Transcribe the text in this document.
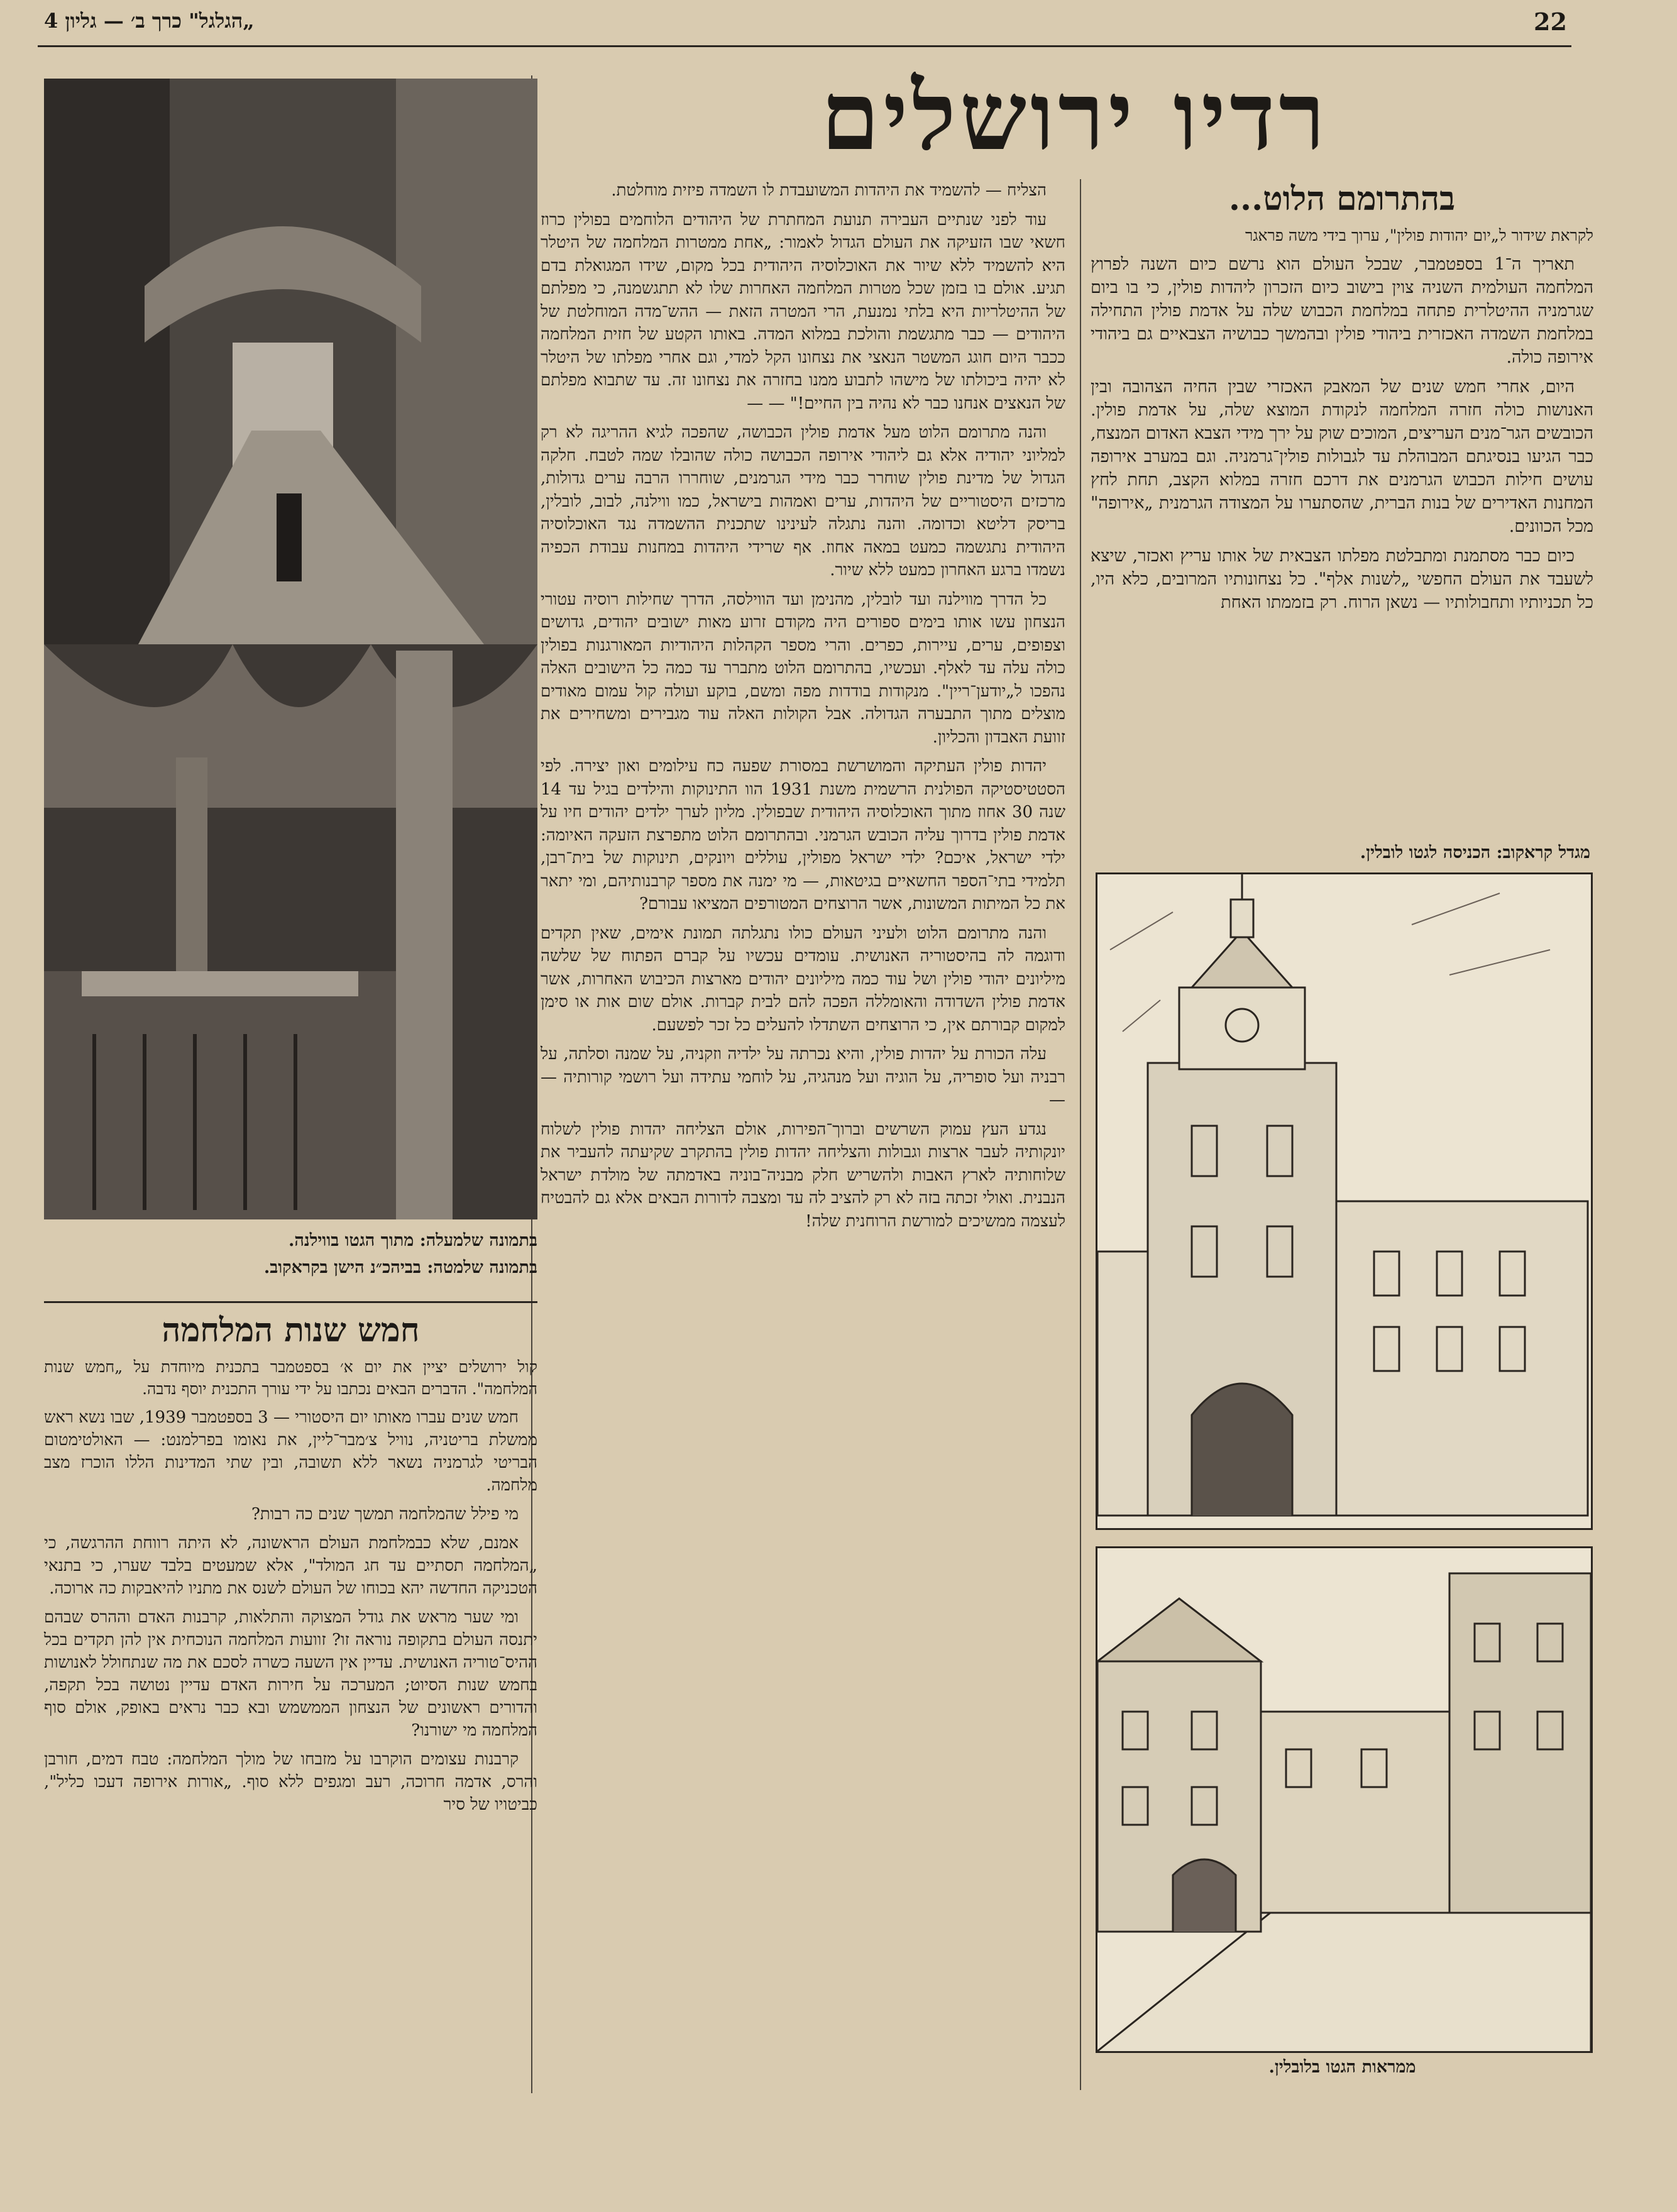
22
„הגלגל" כרך ב׳ — גליון 4
רדיו ירושלים
בהתרומם הלוט...

לקראת שידור ל„יום יהודות פולין", ערוך בידי משה פראגר

תאריך ה־1 בספטמבר, שבכל העולם הוא נרשם כיום השנה לפרוץ המלחמה העולמית השניה צוין בישוב כיום הזכרון ליהדות פולין, כי בו ביום שגרמניה ההיטלרית פתחה במלחמת הכבוש שלה על אדמת פולין התחילה במלחמת השמדה האכזרית ביהודי פולין ובהמשך כבושיה הצבאיים גם ביהודי אירופה כולה.

היום, אחרי חמש שנים של המאבק האכזרי שבין החיה הצהובה ובין האנושות כולה חזרה המלחמה לנקודת המוצא שלה, על אדמת פולין. הכובשים הגר־מנים העריצים, המוכים שוק על ירך מידי הצבא האדום המנצח, כבר הגיעו בנסיגתם המבוהלת עד לגבולות פולין־גרמניה. וגם במערב אירופה עושים חילות הכבוש הגרמנים את דרכם חזרה במלוא הקצב, תחת לחץ המחנות האדירים של בנות הברית, שהסתערו על המצודה הגרמנית „אירופה" מכל הכוונים.

כיום כבר מסתמנת ומתבלטת מפלתו הצבאית של אותו עריץ ואכזר, שיצא לשעבד את העולם החפשי „לשנות אלף". כל נצחונותיו המרובים, כלא היו, כל תכניותיו ותחבולותיו — נשאן הרוח. רק בזממתו האחת

מגדל קראקוב: הכניסה לגטו לובלין.
ממראות הגטו בלובלין.

הצליח — להשמיד את היהדות המשועבדת לו השמדה פיזית מוחלטת.

עוד לפני שנתיים העבירה תנועת המחתרת של היהודים הלוחמים בפולין כרוז חשאי שבו הזעיקה את העולם הגדול לאמור: „אחת ממטרות המלחמה של היטלר היא להשמיד ללא שיור את האוכלוסיה היהודית בכל מקום, שידו המגואלת בדם תגיע. אולם בו בזמן שכל מטרות המלחמה האחרות שלו לא תתגשמנה, כי מפלתם של ההיטלריות היא בלתי נמנעת, הרי המטרה הזאת — ההש־מדה המוחלטת של היהודים — כבר מתגשמת והולכת במלוא המדה. באותו הקטע של חזית המלחמה ככבר היום חוגג המשטר הנאצי את נצחונו הקל למדי, וגם אחרי מפלתו של היטלר לא יהיה ביכולתו של מישהו לתבוע ממנו בחזרה את נצחונו זה. עד שתבוא מפלתם של הנאצים אנחנו כבר לא נהיה בין החיים!" — —

והנה מתרומם הלוט מעל אדמת פולין הכבושה, שהפכה לגיא ההריגה לא רק למליוני יהודיה אלא גם ליהודי אירופה הכבושה כולה שהובלו שמה לטבח. חלקה הגדול של מדינת פולין שוחרר כבר מידי הגרמנים, שוחררו הרבה ערים גדולות, מרכזים היסטוריים של היהדות, ערים ואמהות בישראל, כמו ווילנה, לבוב, לובלין, בריסק דליטא וכדומה. והנה נתגלה לעינינו שתכנית ההשמדה נגד האוכלוסיה היהודית נתגשמה כמעט במאה אחוז. אף שרידי היהדות במחנות עבודת הכפיה נשמדו ברגע האחרון כמעט ללא שיור.

כל הדרך מווילנה ועד לובלין, מהנימן ועד הווילסה, הדרך שחילות רוסיה עטורי הנצחון עשו אותו בימים ספורים היה מקודם זרוע מאות ישובים יהודים, גדושים וצפופים, ערים, עיירות, כפרים. והרי מספר הקהלות היהודיות המאורגנות בפולין כולה עלה עד לאלף. ועכשיו, בהתרומם הלוט מתברר עד כמה כל הישובים האלה נהפכו ל„יודען־ריין". מנקודות בודדות מפה ומשם, בוקע ועולה קול עמום מאודים מוצלים מתוך התבערה הגדולה. אבל הקולות האלה עוד מגבירים ומשחירים את זוועת האבדון והכליון.

יהדות פולין העתיקה והמושרשת במסורת שפעה כח עילומים ואון יצירה. לפי הסטטיסטיקה הפולנית הרשמית משנת 1931 הוו התינוקות והילדים בגיל עד 14 שנה 30 אחוז מתוך האוכלוסיה היהודית שבפולין. מליון לערך ילדים יהודים חיו על אדמת פולין בדרוך עליה הכובש הגרמני. ובהתרומם הלוט מתפרצת הזעקה האיומה: ילדי ישראל, איכם? ילדי ישראל מפולין, עוללים ויונקים, תינוקות של בית־רבן, תלמידי בתי־הספר החשאיים בגיטאות, — מי ימנה את מספר קרבנותיהם, ומי יתאר את כל המיתות המשונות, אשר הרוצחים המטורפים המציאו עבורם?

והנה מתרומם הלוט ולעיני העולם כולו נתגלתה תמונת אימים, שאין תקדים ודוגמה לה בהיסטוריה האנושית. עומדים עכשיו על קברם הפתוח של שלשה מיליונים יהודי פולין ושל עוד כמה מיליונים יהודים מארצות הכיבוש האחרות, אשר אדמת פולין השדודה והאומללה הפכה להם לבית קברות. אולם שום אות או סימן למקום קבורתם אין, כי הרוצחים השתדלו להעלים כל זכר לפשעם.

עלה הכורת על יהדות פולין, והיא נכרתה על ילדיה וזקניה, על שמנה וסלתה, על רבניה ועל סופריה, על הוגיה ועל מנהגיה, על לוחמי עתידה ועל רושמי קורותיה — —

נגדע העץ עמוק השרשים וברוך־הפירות, אולם הצליחה יהדות פולין לשלוח יונקותיה לעבר ארצות וגבולות והצליחה יהדות פולין בהתקרב שקיעתה להעביר את שלוחותיה לארץ האבות ולהשריש חלק מבניה־בוניה באדמתה של מולדת ישראל הנבנית. ואולי זכתה בזה לא רק להציב לה עד ומצבה לדורות הבאים אלא גם להבטיח לעצמה ממשיכים למורשת הרוחנית שלה!

בתמונה שלמעלה: מתוך הגטו בווילנה.
בתמונה שלמטה: בביהכ״נ הישן בקראקוב.
חמש שנות המלחמה

קול ירושלים יציין את יום א׳ בספטמבר בתכנית מיוחדת על „חמש שנות המלחמה". הדברים הבאים נכתבו על ידי עורך התכנית יוסף נדבה.

חמש שנים עברו מאותו יום היסטורי — 3 בספטמבר 1939, שבו נשא ראש ממשלת בריטניה, נוויל צ׳מבר־ליין, את נאומו בפרלמנט: — האולטימטום הבריטי לגרמניה נשאר ללא תשובה, ובין שתי המדינות הללו הוכרז מצב מלחמה.

מי פילל שהמלחמה תמשך שנים כה רבות?

אמנם, שלא כבמלחמת העולם הראשונה, לא היתה רווחת ההרגשה, כי „המלחמה תסתיים עד חג המולד", אלא שמעטים בלבד שערו, כי בתנאי הטכניקה החדשה יהא בכוחו של העולם לשנס את מתניו להיאבקות כה ארוכה.

ומי שער מראש את גודל המצוקה והתלאות, קרבנות האדם וההרס שבהם יתנסה העולם בתקופה נוראה זו? זוועות המלחמה הנוכחית אין להן תקדים בכל ההיס־טוריה האנושית. עדיין אין השעה כשרה לסכם את מה שנתחולל לאנושות בחמש שנות הסיוט; המערכה על חירות האדם עדיין נטושה בכל תקפה, והדורים ראשונים של הנצחון הממשמש ובא כבר נראים באופק, אולם סוף המלחמה מי ישורנו?

קרבנות עצומים הוקרבו על מזבחו של מולך המלחמה: טבח דמים, חורבן והרס, אדמה חרוכה, רעב ומגפים ללא סוף. „אורות אירופה דעכו כליל", כביטויו של סיר
